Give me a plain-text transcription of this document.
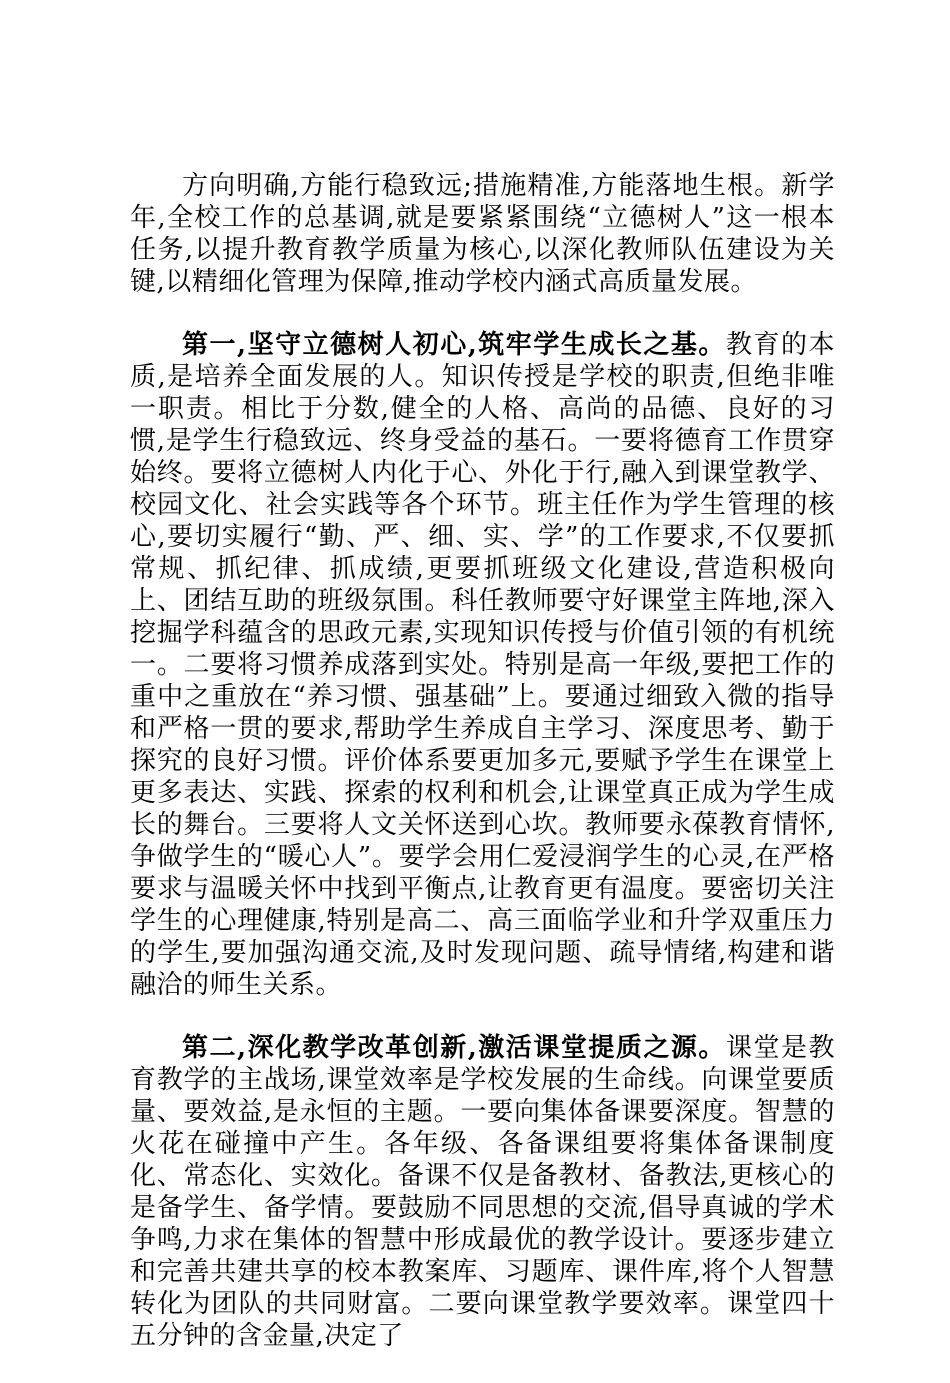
方向明确,方能行稳致远;措施精准,方能落地生根。新学年,全校工作的总基调,就是要紧紧围绕“立德树人”这一根本任务,以提升教育教学质量为核心,以深化教师队伍建设为关键,以精细化管理为保障,推动学校内涵式高质量发展。

第一,坚守立德树人初心,筑牢学生成长之基。教育的本质,是培养全面发展的人。知识传授是学校的职责,但绝非唯一职责。相比于分数,健全的人格、高尚的品德、良好的习惯,是学生行稳致远、终身受益的基石。一要将德育工作贯穿始终。要将立德树人内化于心、外化于行,融入到课堂教学、校园文化、社会实践等各个环节。班主任作为学生管理的核心,要切实履行“勤、严、细、实、学”的工作要求,不仅要抓常规、抓纪律、抓成绩,更要抓班级文化建设,营造积极向上、团结互助的班级氛围。科任教师要守好课堂主阵地,深入挖掘学科蕴含的思政元素,实现知识传授与价值引领的有机统一。二要将习惯养成落到实处。特别是高一年级,要把工作的重中之重放在“养习惯、强基础”上。要通过细致入微的指导和严格一贯的要求,帮助学生养成自主学习、深度思考、勤于探究的良好习惯。评价体系要更加多元,要赋予学生在课堂上更多表达、实践、探索的权利和机会,让课堂真正成为学生成长的舞台。三要将人文关怀送到心坎。教师要永葆教育情怀,争做学生的“暖心人”。要学会用仁爱浸润学生的心灵,在严格要求与温暖关怀中找到平衡点,让教育更有温度。要密切关注学生的心理健康,特别是高二、高三面临学业和升学双重压力的学生,要加强沟通交流,及时发现问题、疏导情绪,构建和谐融洽的师生关系。

第二,深化教学改革创新,激活课堂提质之源。课堂是教育教学的主战场,课堂效率是学校发展的生命线。向课堂要质量、要效益,是永恒的主题。一要向集体备课要深度。智慧的火花在碰撞中产生。各年级、各备课组要将集体备课制度化、常态化、实效化。备课不仅是备教材、备教法,更核心的是备学生、备学情。要鼓励不同思想的交流,倡导真诚的学术争鸣,力求在集体的智慧中形成最优的教学设计。要逐步建立和完善共建共享的校本教案库、习题库、课件库,将个人智慧转化为团队的共同财富。二要向课堂教学要效率。课堂四十五分钟的含金量,决定了
